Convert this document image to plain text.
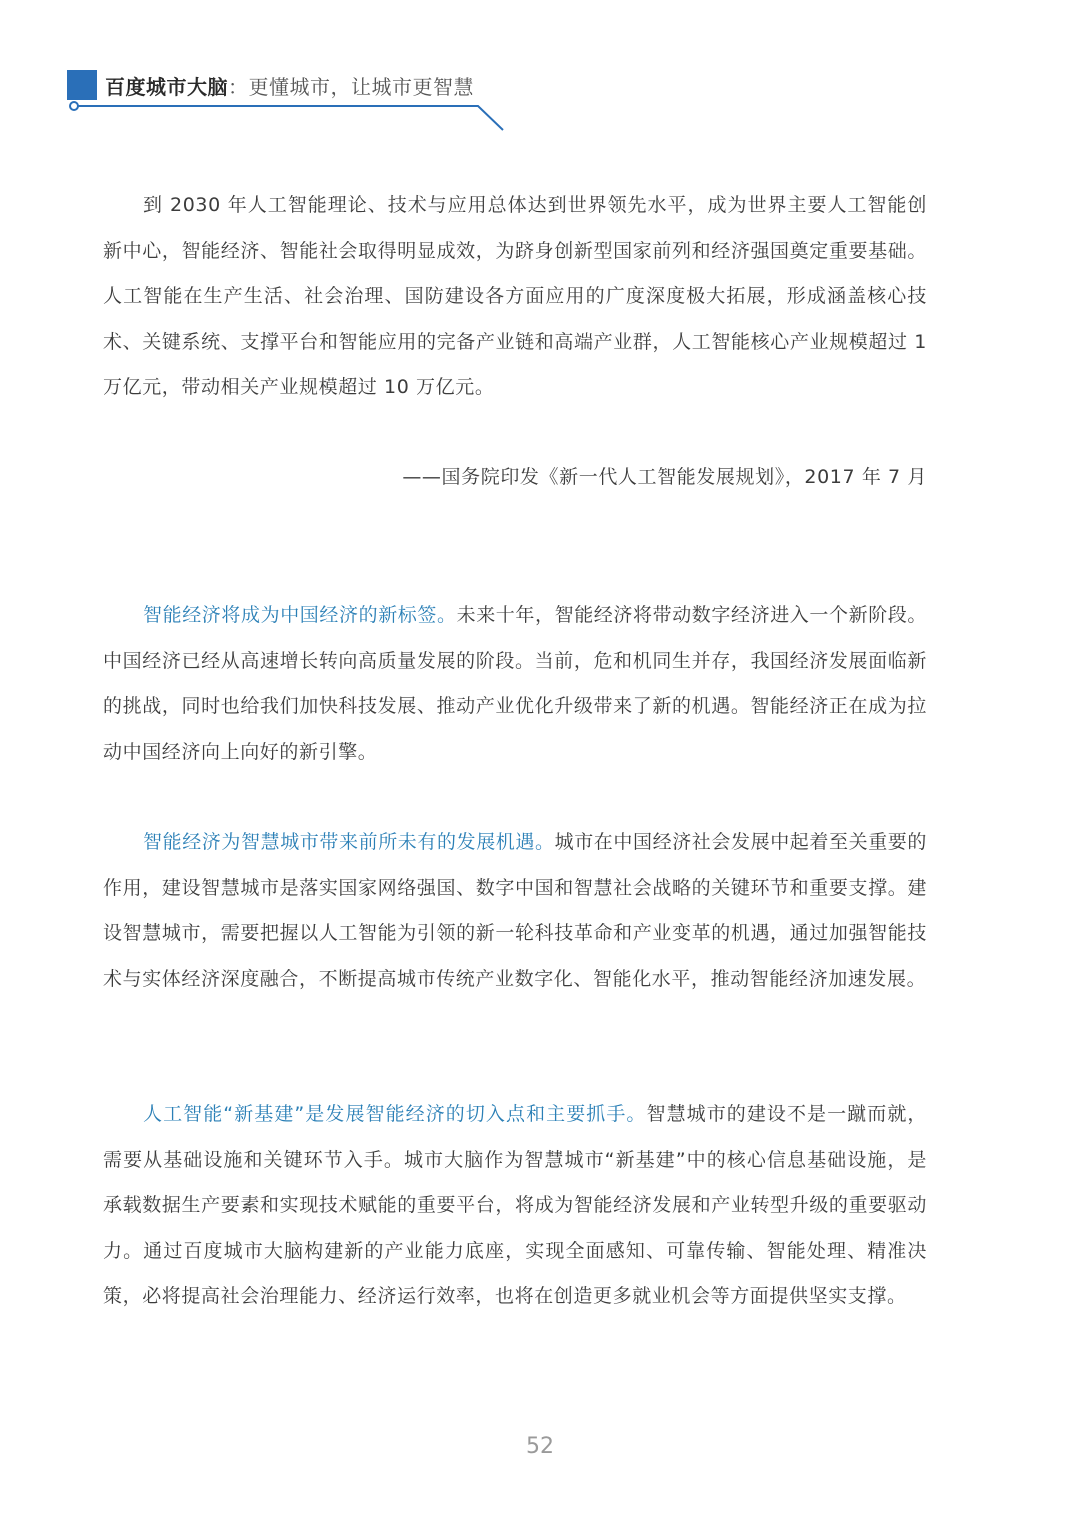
百度城市大脑：更懂城市，让城市更智慧

到 2030 年人工智能理论、技术与应用总体达到世界领先水平，成为世界主要人工智能创新中心，智能经济、智能社会取得明显成效，为跻身创新型国家前列和经济强国奠定重要基础。人工智能在生产生活、社会治理、国防建设各方面应用的广度深度极大拓展，形成涵盖核心技术、关键系统、支撑平台和智能应用的完备产业链和高端产业群，人工智能核心产业规模超过 1 万亿元，带动相关产业规模超过 10 万亿元。

——国务院印发《新一代人工智能发展规划》，2017 年 7 月

智能经济将成为中国经济的新标签。未来十年，智能经济将带动数字经济进入一个新阶段。中国经济已经从高速增长转向高质量发展的阶段。当前，危和机同生并存，我国经济发展面临新的挑战，同时也给我们加快科技发展、推动产业优化升级带来了新的机遇。智能经济正在成为拉动中国经济向上向好的新引擎。

智能经济为智慧城市带来前所未有的发展机遇。城市在中国经济社会发展中起着至关重要的作用，建设智慧城市是落实国家网络强国、数字中国和智慧社会战略的关键环节和重要支撑。建设智慧城市，需要把握以人工智能为引领的新一轮科技革命和产业变革的机遇，通过加强智能技术与实体经济深度融合，不断提高城市传统产业数字化、智能化水平，推动智能经济加速发展。

人工智能“新基建”是发展智能经济的切入点和主要抓手。智慧城市的建设不是一蹴而就，需要从基础设施和关键环节入手。城市大脑作为智慧城市“新基建”中的核心信息基础设施，是承载数据生产要素和实现技术赋能的重要平台，将成为智能经济发展和产业转型升级的重要驱动力。通过百度城市大脑构建新的产业能力底座，实现全面感知、可靠传输、智能处理、精准决策，必将提高社会治理能力、经济运行效率，也将在创造更多就业机会等方面提供坚实支撑。

52
